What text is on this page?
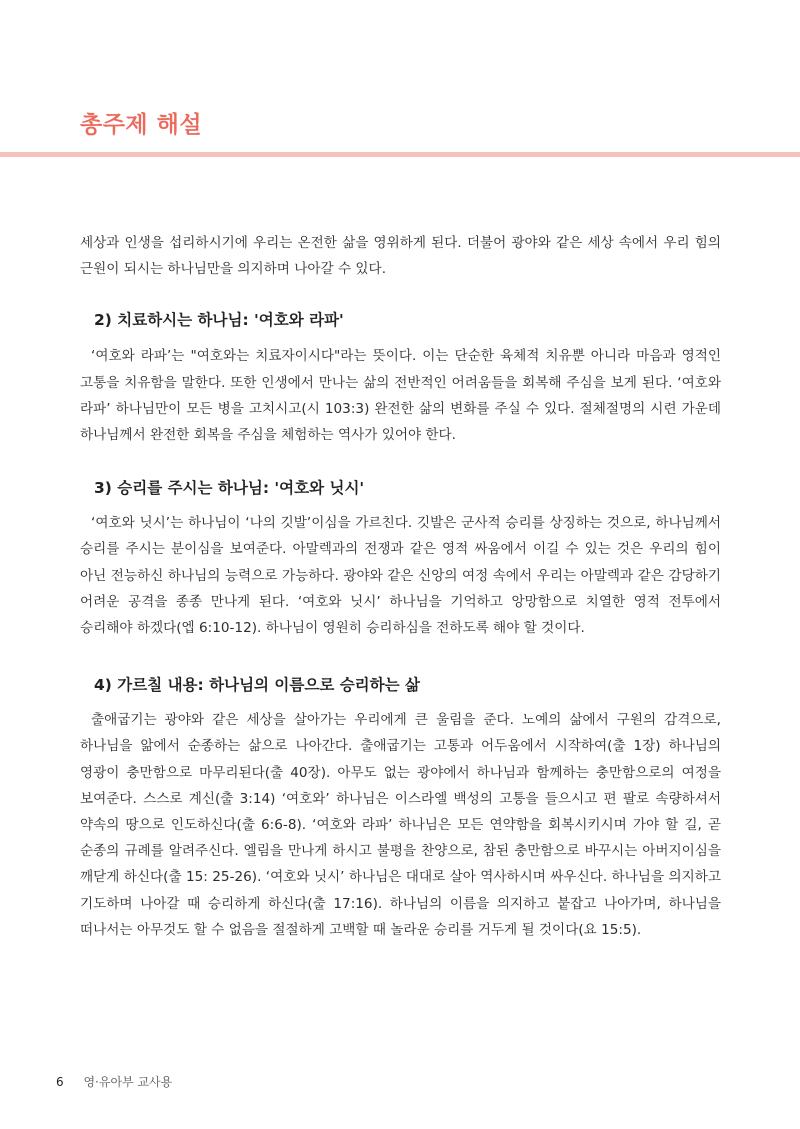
총주제 해설

세상과 인생을 섭리하시기에 우리는 온전한 삶을 영위하게 된다. 더불어 광야와 같은 세상 속에서 우리 힘의 근원이 되시는 하나님만을 의지하며 나아갈 수 있다.

2) 치료하시는 하나님: '여호와 라파'

‘여호와 라파’는 "여호와는 치료자이시다"라는 뜻이다. 이는 단순한 육체적 치유뿐 아니라 마음과 영적인 고통을 치유함을 말한다. 또한 인생에서 만나는 삶의 전반적인 어려움들을 회복해 주심을 보게 된다. ‘여호와 라파’ 하나님만이 모든 병을 고치시고(시 103:3) 완전한 삶의 변화를 주실 수 있다. 절체절명의 시련 가운데 하나님께서 완전한 회복을 주심을 체험하는 역사가 있어야 한다.

3) 승리를 주시는 하나님: '여호와 닛시'

‘여호와 닛시’는 하나님이 ‘나의 깃발’이심을 가르친다. 깃발은 군사적 승리를 상징하는 것으로, 하나님께서 승리를 주시는 분이심을 보여준다. 아말렉과의 전쟁과 같은 영적 싸움에서 이길 수 있는 것은 우리의 힘이 아닌 전능하신 하나님의 능력으로 가능하다. 광야와 같은 신앙의 여정 속에서 우리는 아말렉과 같은 감당하기 어려운 공격을 종종 만나게 된다. ‘여호와 닛시’ 하나님을 기억하고 앙망함으로 치열한 영적 전투에서 승리해야 하겠다(엡 6:10-12). 하나님이 영원히 승리하심을 전하도록 해야 할 것이다.

4) 가르칠 내용: 하나님의 이름으로 승리하는 삶

출애굽기는 광야와 같은 세상을 살아가는 우리에게 큰 울림을 준다. 노예의 삶에서 구원의 감격으로, 하나님을 앎에서 순종하는 삶으로 나아간다. 출애굽기는 고통과 어두움에서 시작하여(출 1장) 하나님의 영광이 충만함으로 마무리된다(출 40장). 아무도 없는 광야에서 하나님과 함께하는 충만함으로의 여정을 보여준다. 스스로 계신(출 3:14) ‘여호와’ 하나님은 이스라엘 백성의 고통을 들으시고 편 팔로 속량하셔서 약속의 땅으로 인도하신다(출 6:6-8). ‘여호와 라파’ 하나님은 모든 연약함을 회복시키시며 가야 할 길, 곧 순종의 규례를 알려주신다. 엘림을 만나게 하시고 불평을 찬양으로, 참된 충만함으로 바꾸시는 아버지이심을 깨닫게 하신다(출 15: 25-26). ‘여호와 닛시’ 하나님은 대대로 살아 역사하시며 싸우신다. 하나님을 의지하고 기도하며 나아갈 때 승리하게 하신다(출 17:16). 하나님의 이름을 의지하고 붙잡고 나아가며, 하나님을 떠나서는 아무것도 할 수 없음을 절절하게 고백할 때 놀라운 승리를 거두게 될 것이다(요 15:5).

6 영·유아부 교사용
